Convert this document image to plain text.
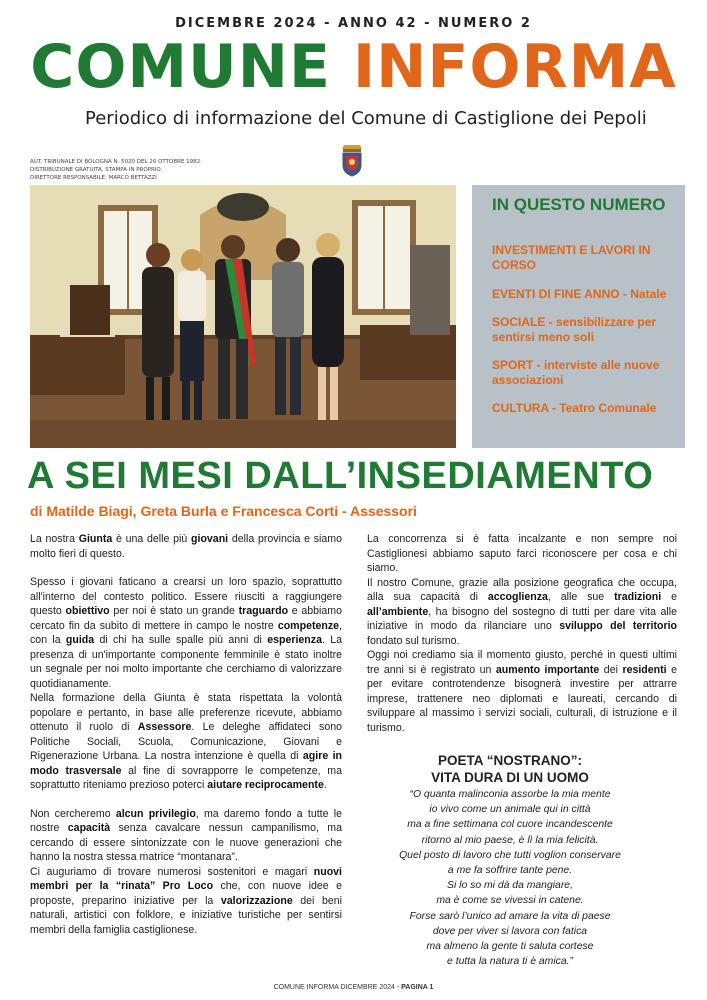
DICEMBRE 2024 - ANNO 42 - NUMERO 2
COMUNE INFORMA
Periodico di informazione del Comune di Castiglione dei Pepoli
AUT. TRIBUNALE DI BOLOGNA N. 5020 DEL 20 OTTOBRE 1982.
DISTRIBUZIONE GRATUITA, STAMPA IN PROPRIO.
DIRETTORE RESPONSABILE: MARCO BETTAZZI
IN QUESTO NUMERO
INVESTIMENTI E LAVORI IN CORSO
EVENTI DI FINE ANNO - Natale
SOCIALE - sensibilizzare per sentirsi meno soli
SPORT - interviste alle nuove associazioni
CULTURA - Teatro Comunale
A SEI MESI DALL’INSEDIAMENTO
di Matilde Biagi, Greta Burla e Francesca Corti - Assessori

La nostra Giunta è una delle più giovani della provincia e siamo molto fieri di questo.

Spesso i giovani faticano a crearsi un loro spazio, soprattutto all'interno del contesto politico. Essere riusciti a raggiungere questo obiettivo per noi è stato un grande traguardo e abbiamo cercato fin da subito di mettere in campo le nostre competenze, con la guida di chi ha sulle spalle più anni di esperienza. La presenza di un'importante componente femminile è stato inoltre un segnale per noi molto importante che cerchiamo di valorizzare quotidianamente.

Nella formazione della Giunta è stata rispettata la volontà popolare e pertanto, in base alle preferenze ricevute, abbiamo ottenuto il ruolo di Assessore. Le deleghe affidateci sono Politiche Sociali, Scuola, Comunicazione, Giovani e Rigenerazione Urbana. La nostra intenzione è quella di agire in modo trasversale al fine di sovrapporre le competenze, ma soprattutto riteniamo prezioso poterci aiutare reciprocamente.

Non cercheremo alcun privilegio, ma daremo fondo a tutte le nostre capacità senza cavalcare nessun campanilismo, ma cercando di essere sintonizzate con le nuove generazioni che hanno la nostra stessa matrice “montanara”.

Ci auguriamo di trovare numerosi sostenitori e magari nuovi membri per la “rinata” Pro Loco che, con nuove idee e proposte, preparino iniziative per la valorizzazione dei beni naturali, artistici con folklore, e iniziative turistiche per sentirsi membri della famiglia castiglionese.

La concorrenza si è fatta incalzante e non sempre noi Castiglionesi abbiamo saputo farci riconoscere per cosa e chi siamo.

Il nostro Comune, grazie alla posizione geografica che occupa, alla sua capacità di accoglienza, alle sue tradizioni e all’ambiente, ha bisogno del sostegno di tutti per dare vita alle iniziative in modo da rilanciare uno sviluppo del territorio fondato sul turismo.

Oggi noi crediamo sia il momento giusto, perché in questi ultimi tre anni si è registrato un aumento importante dei residenti e per evitare controtendenze bisognerà investire per attrarre imprese, trattenere neo diplomati e laureati, cercando di sviluppare al massimo i servizi sociali, culturali, di istruzione e il turismo.

POETA “NOSTRANO”:
VITA DURA DI UN UOMO
“O quanta malinconia assorbe la mia mente
io vivo come un animale qui in città
ma a fine settimana col cuore incandescente
ritorno al mio paese, è lì la mia felicità.
Quel posto di lavoro che tutti voglion conservare
a me fa soffrire tante pene.
Si lo so mi dà da mangiare,
ma è come se vivessi in catene.
Forse sarò l’unico ad amare la vita di paese
dove per viver si lavora con fatica
ma almeno la gente ti saluta cortese
e tutta la natura ti è amica.”
COMUNE INFORMA DICEMBRE 2024 - PAGINA 1
